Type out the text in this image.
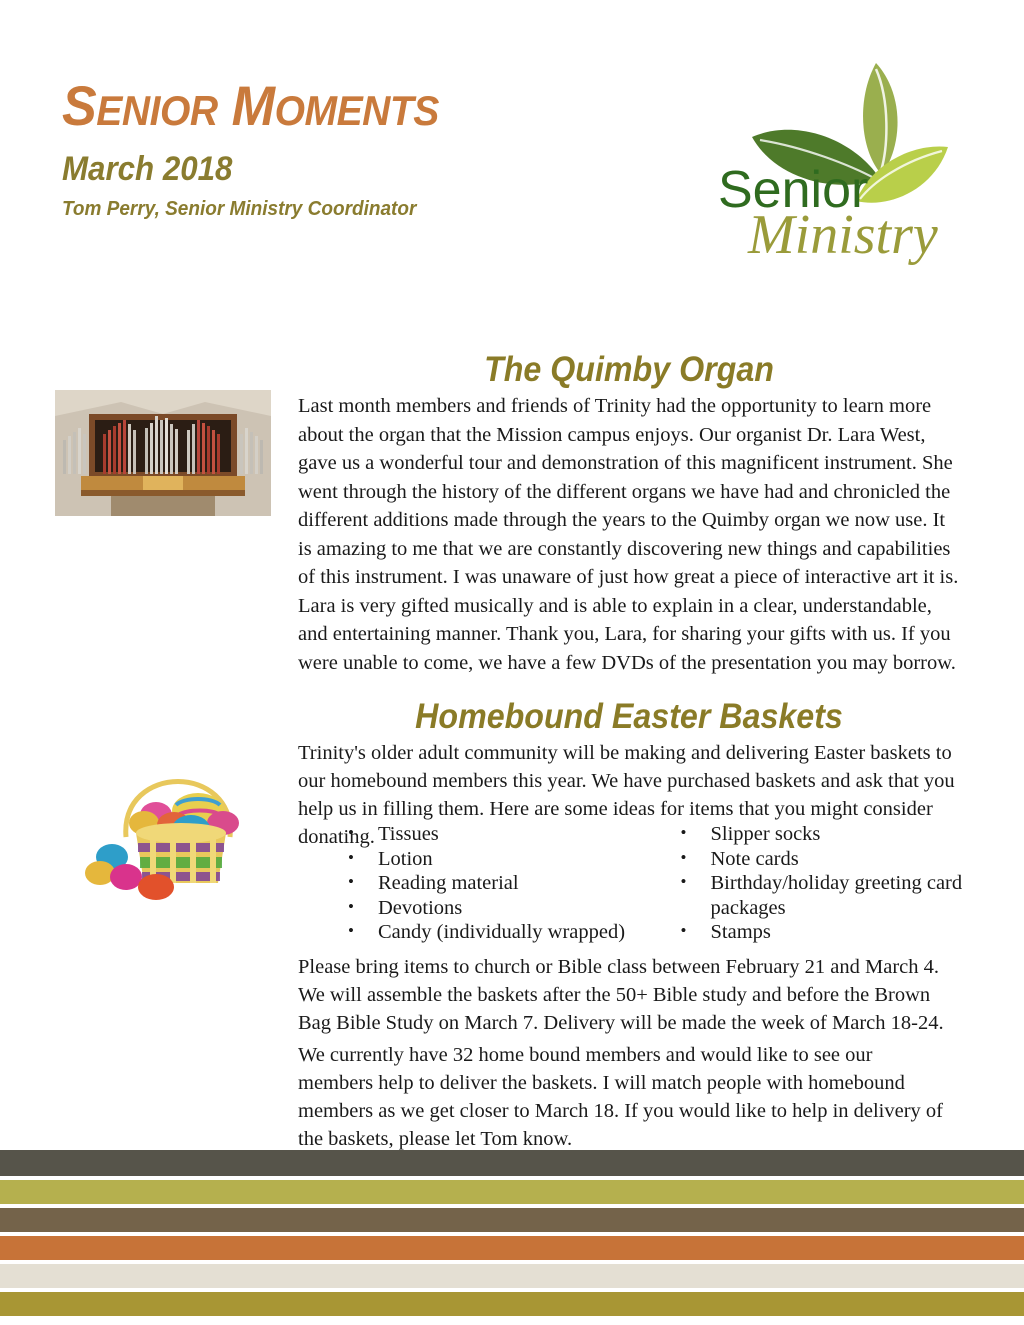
SENIOR MOMENTS
March 2018
Tom Perry, Senior Ministry Coordinator	Senior
Ministry
The Quimby Organ
Last month members and friends of Trinity had the opportunity to learn more about the organ that the Mission campus enjoys. Our organist Dr. Lara West, gave us a wonderful tour and demonstration of this magnificent instrument. She went through the history of the different organs we have had and chronicled the different additions made through the years to the Quimby organ we now use. It is amazing to me that we are constantly discovering new things and capabilities of this instrument. I was unaware of just how great a piece of interactive art it is. Lara is very gifted musically and is able to explain in a clear, understandable, and entertaining manner. Thank you, Lara, for sharing your gifts with us. If you were unable to come, we have a few DVDs of the presentation you may borrow.
Homebound Easter Baskets
Trinity's older adult community will be making and delivering Easter baskets to our homebound members this year. We have purchased baskets and ask that you help us in filling them. Here are some ideas for items that you might consider donating. • Tissues
• Lotion
• Reading material
• Devotions
• Candy (individually wrapped)
• Slipper socks
• Note cards
• Birthday/holiday greeting card packages
• Stamps
Please bring items to church or Bible class between February 21 and March 4. We will assemble the baskets after the 50+ Bible study and before the Brown Bag Bible Study on March 7. Delivery will be made the week of March 18-24.
We currently have 32 home bound members and would like to see our members help to deliver the baskets. I will match people with homebound members as we get closer to March 18. If you would like to help in delivery of the baskets, please let Tom know.
